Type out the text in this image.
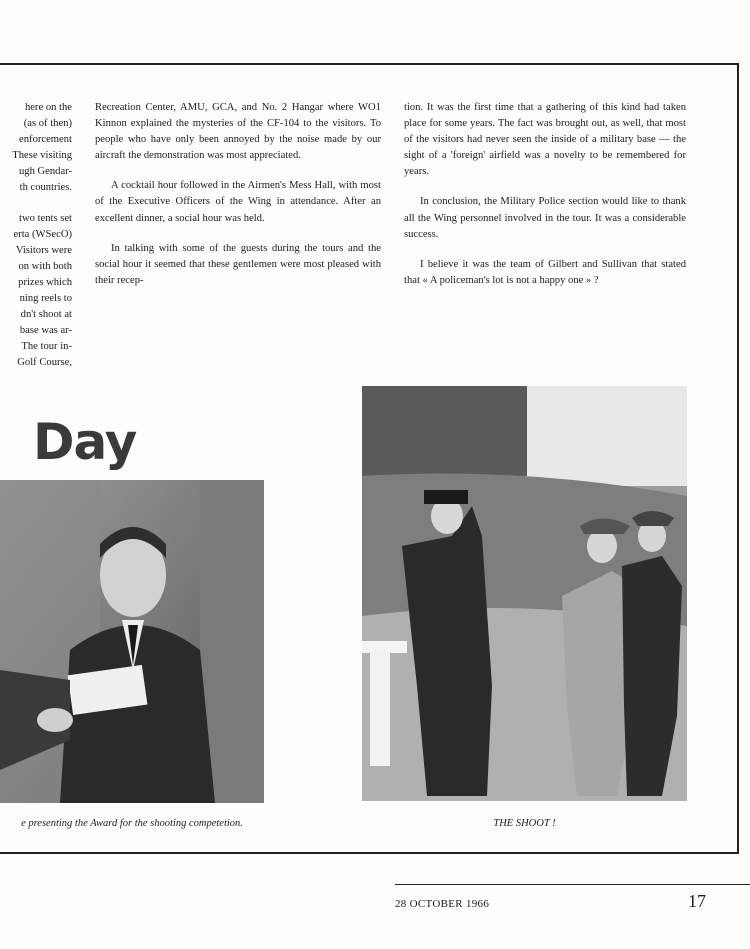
here on the
(as of then)
enforcement
These visiting
ugh Gendar-
th countries.
two tents set
erta (WSecO)
Visitors were
on with both
prizes which
ning reels to
dn't shoot at
base was ar-
The tour in-
Golf Course,

Recreation Center, AMU, GCA, and No. 2 Hangar where WO1 Kinnon explained the mysteries of the CF-104 to the visitors. To people who have only been annoyed by the noise made by our aircraft the demonstration was most appreciated.

A cocktail hour followed in the Airmen's Mess Hall, with most of the Executive Officers of the Wing in attendance. After an excellent dinner, a social hour was held.

In talking with some of the guests during the tours and the social hour it seemed that these gentlemen were most pleased with their recep-

tion. It was the first time that a gathering of this kind had taken place for some years. The fact was brought out, as well, that most of the visitors had never seen the inside of a military base — the sight of a 'foreign' airfield was a novelty to be remembered for years.

In conclusion, the Military Police section would like to thank all the Wing personnel involved in the tour. It was a considerable success.

I believe it was the team of Gilbert and Sullivan that stated that « A policeman's lot is not a happy one » ?

Day
e presenting the Award for the shooting competetion.	THE SHOOT !
28 OCTOBER 1966	17
